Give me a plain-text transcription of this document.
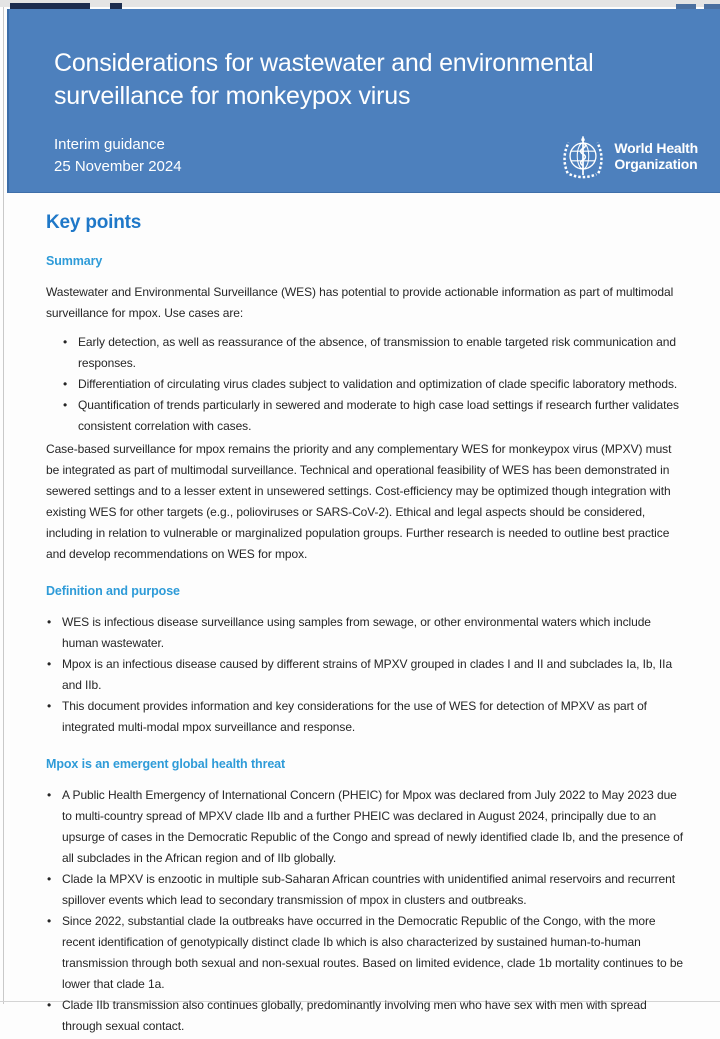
Considerations for wastewater and environmental surveillance for monkeypox virus
Interim guidance
25 November 2024
World Health
Organization
Key points
Summary

Wastewater and Environmental Surveillance (WES) has potential to provide actionable information as part of multimodal surveillance for mpox. Use cases are:

• Early detection, as well as reassurance of the absence, of transmission to enable targeted risk communication and responses.
• Differentiation of circulating virus clades subject to validation and optimization of clade specific laboratory methods.
• Quantification of trends particularly in sewered and moderate to high case load settings if research further validates consistent correlation with cases.

Case-based surveillance for mpox remains the priority and any complementary WES for monkeypox virus (MPXV) must be integrated as part of multimodal surveillance. Technical and operational feasibility of WES has been demonstrated in sewered settings and to a lesser extent in unsewered settings. Cost-efficiency may be optimized though integration with existing WES for other targets (e.g., polioviruses or SARS-CoV-2). Ethical and legal aspects should be considered, including in relation to vulnerable or marginalized population groups. Further research is needed to outline best practice and develop recommendations on WES for mpox.

Definition and purpose
• WES is infectious disease surveillance using samples from sewage, or other environmental waters which include human wastewater.
• Mpox is an infectious disease caused by different strains of MPXV grouped in clades I and II and subclades Ia, Ib, IIa and IIb.
• This document provides information and key considerations for the use of WES for detection of MPXV as part of integrated multi-modal mpox surveillance and response.
Mpox is an emergent global health threat
• A Public Health Emergency of International Concern (PHEIC) for Mpox was declared from July 2022 to May 2023 due to multi-country spread of MPXV clade IIb and a further PHEIC was declared in August 2024, principally due to an upsurge of cases in the Democratic Republic of the Congo and spread of newly identified clade Ib, and the presence of all subclades in the African region and of IIb globally.
• Clade Ia MPXV is enzootic in multiple sub-Saharan African countries with unidentified animal reservoirs and recurrent spillover events which lead to secondary transmission of mpox in clusters and outbreaks.
• Since 2022, substantial clade Ia outbreaks have occurred in the Democratic Republic of the Congo, with the more recent identification of genotypically distinct clade Ib which is also characterized by sustained human-to-human transmission through both sexual and non-sexual routes. Based on limited evidence, clade 1b mortality continues to be lower that clade 1a.
• Clade IIb transmission also continues globally, predominantly involving men who have sex with men with spread through sexual contact.
